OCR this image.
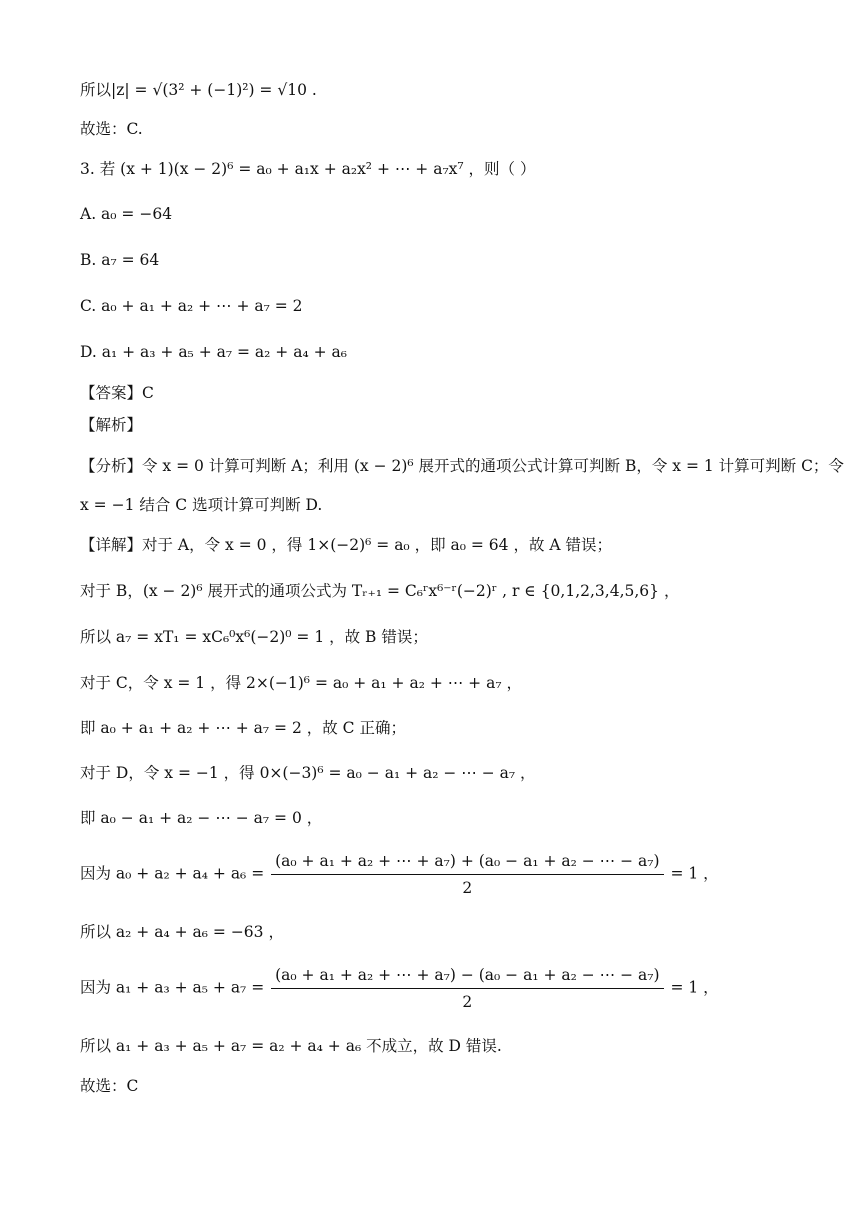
所以|z| = √(3² + (−1)²) = √10 .
故选：C.
3. 若 (x + 1)(x − 2)⁶ = a₀ + a₁x + a₂x² + ⋯ + a₇x⁷ ，则（ ）
A. a₀ = −64
B. a₇ = 64
C. a₀ + a₁ + a₂ + ⋯ + a₇ = 2
D. a₁ + a₃ + a₅ + a₇ = a₂ + a₄ + a₆
【答案】C
【解析】
【分析】令 x = 0 计算可判断 A；利用 (x − 2)⁶ 展开式的通项公式计算可判断 B，令 x = 1 计算可判断 C；令
x = −1 结合 C 选项计算可判断 D.
【详解】对于 A，令 x = 0 ，得 1×(−2)⁶ = a₀ ，即 a₀ = 64 ，故 A 错误；
对于 B，(x − 2)⁶ 展开式的通项公式为 Tᵣ₊₁ = C₆ʳx⁶⁻ʳ(−2)ʳ , r ∈ {0,1,2,3,4,5,6} ，
所以 a₇ = xT₁ = xC₆⁰x⁶(−2)⁰ = 1 ，故 B 错误；
对于 C，令 x = 1 ，得 2×(−1)⁶ = a₀ + a₁ + a₂ + ⋯ + a₇ ，
即 a₀ + a₁ + a₂ + ⋯ + a₇ = 2 ，故 C 正确；
对于 D，令 x = −1 ，得 0×(−3)⁶ = a₀ − a₁ + a₂ − ⋯ − a₇ ，
即 a₀ − a₁ + a₂ − ⋯ − a₇ = 0 ，
因为 $a_0 + a_2 + a_4 + a_6 = \frac{\text{(a₀ + a₁ + a₂ + ⋯ + a₇) + (a₀ − a₁ + a₂ − ⋯ − a₇)}}{2} = 1$ ，
所以 a₂ + a₄ + a₆ = −63 ，
因为 $a_1 + a_3 + a_5 + a_7 = \frac{\text{(a₀ + a₁ + a₂ + ⋯ + a₇) − (a₀ − a₁ + a₂ − ⋯ − a₇)}}{2} = 1$ ，
所以 a₁ + a₃ + a₅ + a₇ = a₂ + a₄ + a₆ 不成立，故 D 错误.
故选：C
